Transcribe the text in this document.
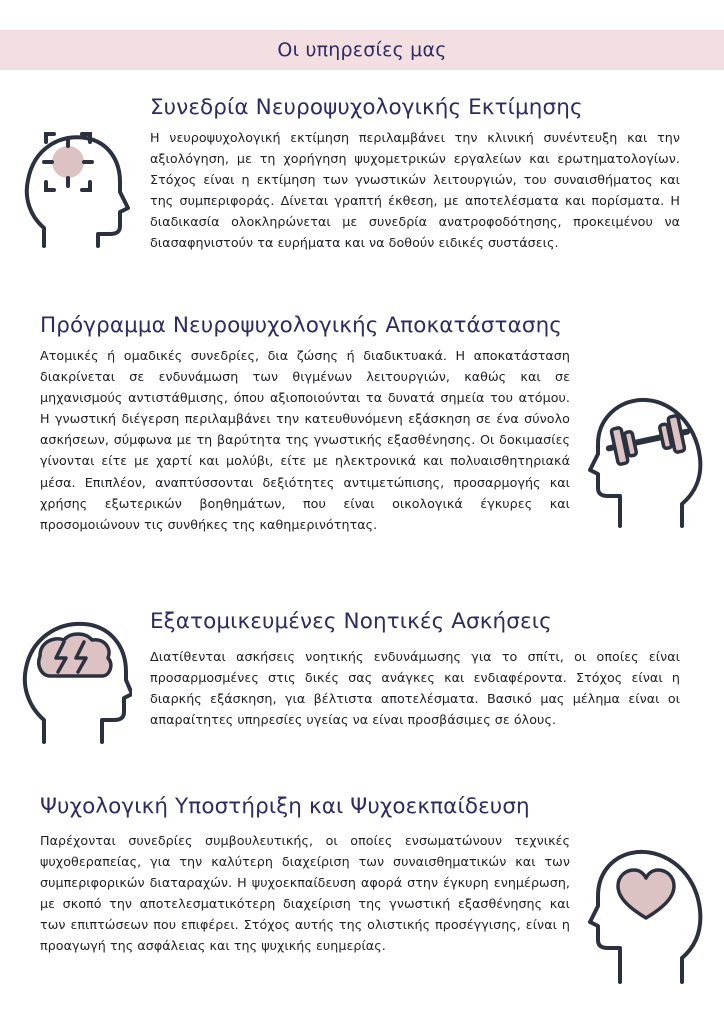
Οι υπηρεσίες μας
Συνεδρία Νευροψυχολογικής Εκτίμησης

Η νευροψυχολογική εκτίμηση περιλαμβάνει την κλινική συνέντευξη και την αξιολόγηση, με τη χορήγηση ψυχομετρικών εργαλείων και ερωτηματολογίων. Στόχος είναι η εκτίμηση των γνωστικών λειτουργιών, του συναισθήματος και της συμπεριφοράς. Δίνεται γραπτή έκθεση, με αποτελέσματα και πορίσματα. Η διαδικασία ολοκληρώνεται με συνεδρία ανατροφοδότησης, προκειμένου να διασαφηνιστούν τα ευρήματα και να δοθούν ειδικές συστάσεις.

Πρόγραμμα Νευροψυχολογικής Αποκατάστασης

Ατομικές ή ομαδικές συνεδρίες, δια ζώσης ή διαδικτυακά. Η αποκατάσταση διακρίνεται σε ενδυνάμωση των θιγμένων λειτουργιών, καθώς και σε μηχανισμούς αντιστάθμισης, όπου αξιοποιούνται τα δυνατά σημεία του ατόμου. Η γνωστική διέγερση περιλαμβάνει την κατευθυνόμενη εξάσκηση σε ένα σύνολο ασκήσεων, σύμφωνα με τη βαρύτητα της γνωστικής εξασθένησης. Οι δοκιμασίες γίνονται είτε με χαρτί και μολύβι, είτε με ηλεκτρονικά και πολυαισθητηριακά μέσα. Επιπλέον, αναπτύσσονται δεξιότητες αντιμετώπισης, προσαρμογής και χρήσης εξωτερικών βοηθημάτων, που είναι οικολογικά έγκυρες και προσομοιώνουν τις συνθήκες της καθημερινότητας.

Εξατομικευμένες Νοητικές Ασκήσεις

Διατίθενται ασκήσεις νοητικής ενδυνάμωσης για το σπίτι, οι οποίες είναι προσαρμοσμένες στις δικές σας ανάγκες και ενδιαφέροντα. Στόχος είναι η διαρκής εξάσκηση, για βέλτιστα αποτελέσματα. Βασικό μας μέλημα είναι οι απαραίτητες υπηρεσίες υγείας να είναι προσβάσιμες σε όλους.

Ψυχολογική Υποστήριξη και Ψυχοεκπαίδευση

Παρέχονται συνεδρίες συμβουλευτικής, οι οποίες ενσωματώνουν τεχνικές ψυχοθεραπείας, για την καλύτερη διαχείριση των συναισθηματικών και των συμπεριφορικών διαταραχών. Η ψυχοεκπαίδευση αφορά στην έγκυρη ενημέρωση, με σκοπό την αποτελεσματικότερη διαχείριση της γνωστική εξασθένησης και των επιπτώσεων που επιφέρει. Στόχος αυτής της ολιστικής προσέγγισης, είναι η προαγωγή της ασφάλειας και της ψυχικής ευημερίας.
